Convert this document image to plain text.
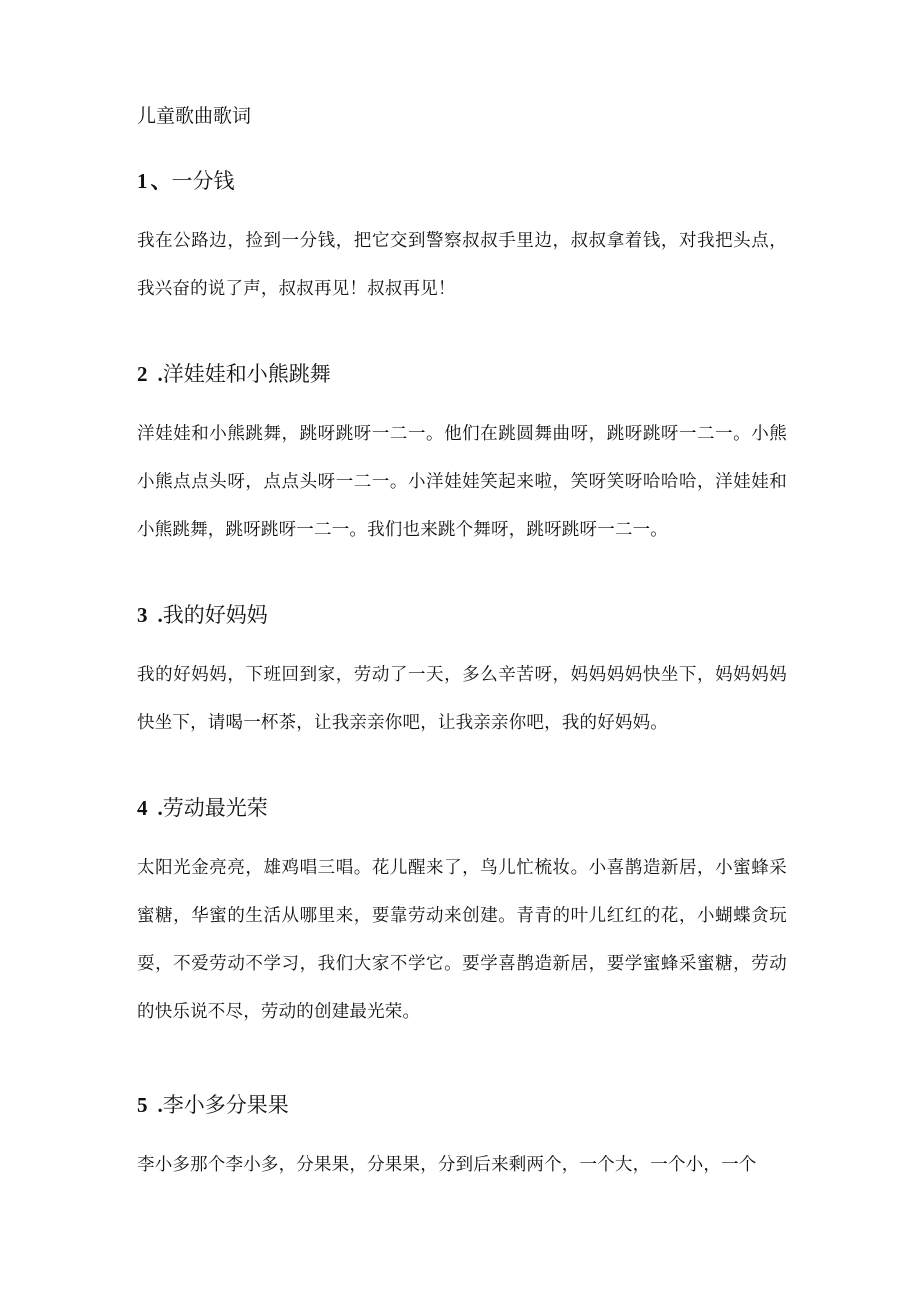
儿童歌曲歌词
1 、一分钱

我在公路边，捡到一分钱，把它交到警察叔叔手里边，叔叔拿着钱，对我把头点，我兴奋的说了声，叔叔再见！叔叔再见！

2 .洋娃娃和小熊跳舞

洋娃娃和小熊跳舞，跳呀跳呀一二一。他们在跳圆舞曲呀，跳呀跳呀一二一。小熊小熊点点头呀，点点头呀一二一。小洋娃娃笑起来啦，笑呀笑呀哈哈哈，洋娃娃和小熊跳舞，跳呀跳呀一二一。我们也来跳个舞呀，跳呀跳呀一二一。

3 .我的好妈妈

我的好妈妈，下班回到家，劳动了一天，多么辛苦呀，妈妈妈妈快坐下，妈妈妈妈快坐下，请喝一杯茶，让我亲亲你吧，让我亲亲你吧，我的好妈妈。

4 .劳动最光荣

太阳光金亮亮，雄鸡唱三唱。花儿醒来了，鸟儿忙梳妆。小喜鹊造新居，小蜜蜂采蜜糖，华蜜的生活从哪里来，要靠劳动来创建。青青的叶儿红红的花，小蝴蝶贪玩耍，不爱劳动不学习，我们大家不学它。要学喜鹊造新居，要学蜜蜂采蜜糖，劳动的快乐说不尽，劳动的创建最光荣。

5 .李小多分果果

李小多那个李小多，分果果，分果果，分到后来剩两个，一个大，一个小，一个
